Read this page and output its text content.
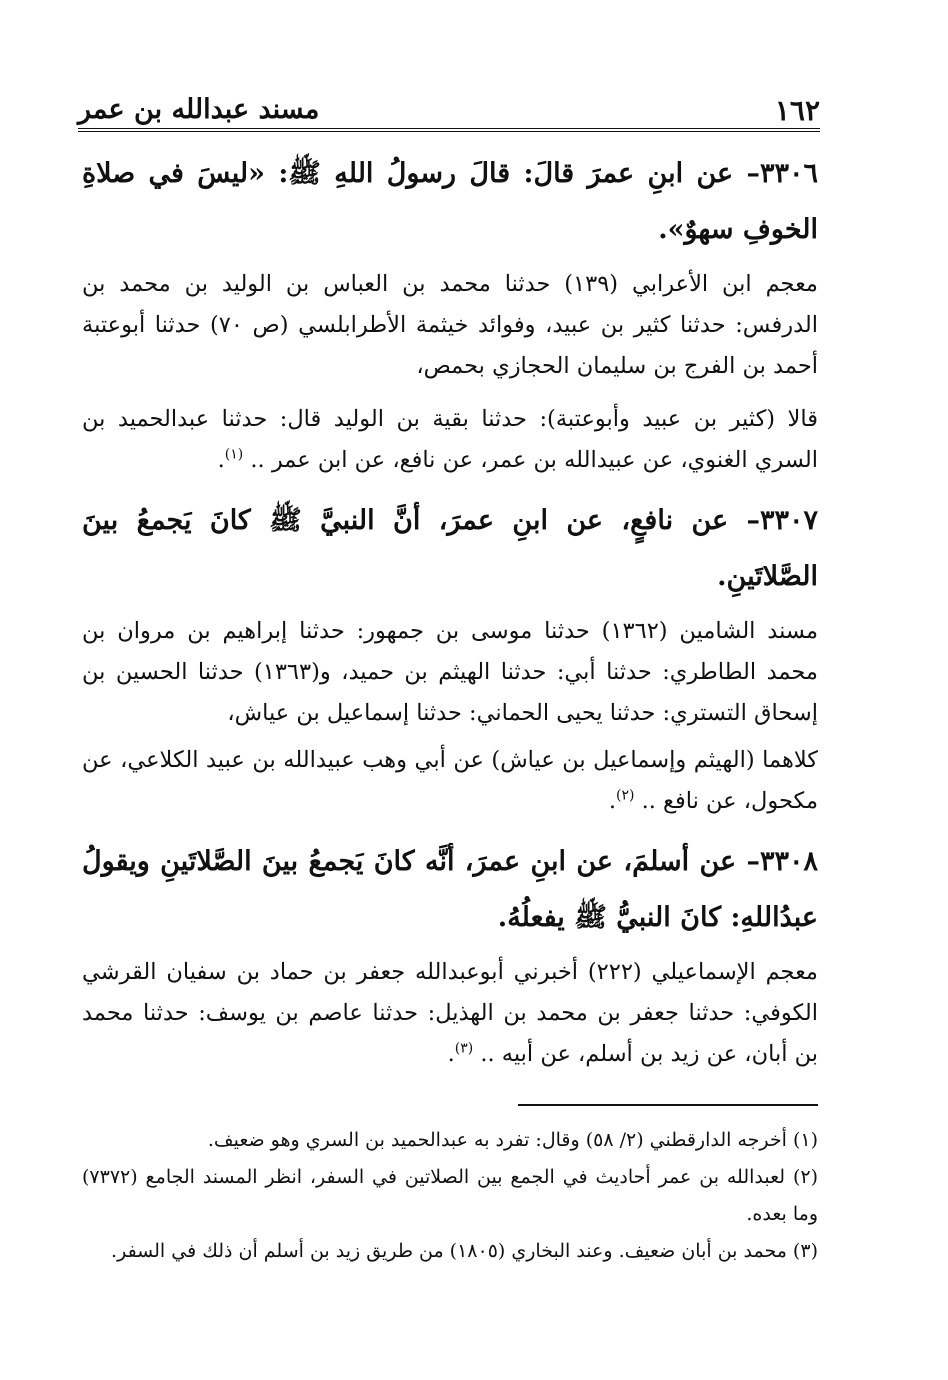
١٦٢
مسند عبدالله بن عمر

٣٣٠٦– عن ابنِ عمرَ قالَ: قالَ رسولُ اللهِ ﷺ: «ليسَ في صلاةِ الخوفِ سهوٌ».

معجم ابن الأعرابي (١٣٩) حدثنا محمد بن العباس بن الوليد بن محمد بن الدرفس: حدثنا كثير بن عبيد، وفوائد خيثمة الأطرابلسي (ص ٧٠) حدثنا أبوعتبة أحمد بن الفرج بن سليمان الحجازي بحمص،

قالا (كثير بن عبيد وأبوعتبة): حدثنا بقية بن الوليد قال: حدثنا عبدالحميد بن السري الغنوي، عن عبيدالله بن عمر، عن نافع، عن ابن عمر .. $^{(١)}$.

٣٣٠٧– عن نافعٍ، عن ابنِ عمرَ، أنَّ النبيَّ ﷺ كانَ يَجمعُ بينَ الصَّلاتَينِ.

مسند الشامين (١٣٦٢) حدثنا موسى بن جمهور: حدثنا إبراهيم بن مروان بن محمد الطاطري: حدثنا أبي: حدثنا الهيثم بن حميد، و(١٣٦٣) حدثنا الحسين بن إسحاق التستري: حدثنا يحيى الحماني: حدثنا إسماعيل بن عياش،

كلاهما (الهيثم وإسماعيل بن عياش) عن أبي وهب عبيدالله بن عبيد الكلاعي، عن مكحول، عن نافع .. $^{(٢)}$.

٣٣٠٨– عن أسلمَ، عن ابنِ عمرَ، أنَّه كانَ يَجمعُ بينَ الصَّلاتَينِ ويقولُ عبدُاللهِ: كانَ النبيُّ ﷺ يفعلُهُ.

معجم الإسماعيلي (٢٢٢) أخبرني أبوعبدالله جعفر بن حماد بن سفيان القرشي الكوفي: حدثنا جعفر بن محمد بن الهذيل: حدثنا عاصم بن يوسف: حدثنا محمد بن أبان، عن زيد بن أسلم، عن أبيه .. $^{(٣)}$.

(١) أخرجه الدارقطني (٢/ ٥٨) وقال: تفرد به عبدالحميد بن السري وهو ضعيف.

(٢) لعبدالله بن عمر أحاديث في الجمع بين الصلاتين في السفر، انظر المسند الجامع (٧٣٧٢) وما بعده.

(٣) محمد بن أبان ضعيف. وعند البخاري (١٨٠٥) من طريق زيد بن أسلم أن ذلك في السفر.
